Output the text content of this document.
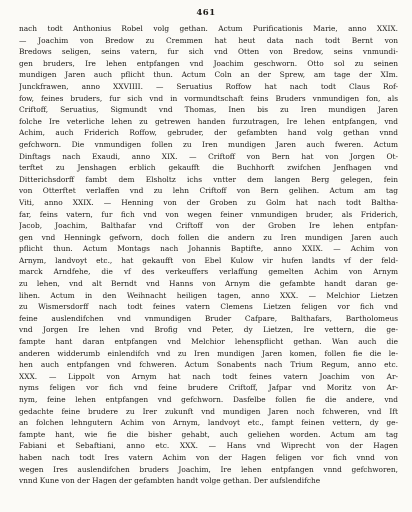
461
nach todt Anthonius Robel volg gethan. Actum Purificationis Marie, anno XXIX.
— Joachim von Bredow zu Cremmen hat heut data nach todt Bernt von
Bredows seligen, seins vatern, fur sich vnd Otten von Bredow, seins vnmundi-
gen bruders, Ire lehen entpfangen vnd Joachim geschworn. Otto sol zu seinen
mundigen Jaren auch pflicht thun. Actum Coln an der Sprew, am tage der XIm.
Junckfrawen, anno XXVIIII. — Seruatius Roffow hat nach todt Claus Rof-
fow, feines bruders, fur sich vnd in vormundtschaft feins Bruders vnmundigen fon, als
Criftoff, Seruatius, Sigmundt vnd Thomas, Inen bis zu Iren mundigen Jaren
folche Ire veterliche lehen zu getrewen handen furzutragen, Ire lehen entpfangen, vnd
Achim, auch Friderich Roffow, gebruder, der gefambten hand volg gethan vnnd
gefchworn. Die vnmundigen follen zu Iren mundigen Jaren auch fweren. Actum
Dinftags nach Exaudi, anno XIX. — Criftoff von Bern hat von Jorgen Ot-
terftet zu Jenshagen erblich gekaufft die Buchhorft zwifchen Jenfhagen vnd
Ditterichsdorff fambt dem Elsholtz ichs vntter dem langen Berg gelegen, fein
von Otterftet verlaffen vnd zu lehn Criftoff von Bern gelihen. Actum am tag
Viti, anno XXIX. — Henning von der Groben zu Golm hat nach todt Baltha-
far, feins vatern, fur fich vnd von wegen feiner vnmundigen bruder, als Friderich,
Jacob, Joachim, Balthafar vnd Criftoff von der Groben Ire lehen entpfan-
gen vnd Henningk gefworn, doch follen die andern zu Iren mundigen Jaren auch
pflicht thun. Actum Montags nach Johannis Baptifte, anno XXIX. — Achim von
Arnym, landvoyt etc., hat gekaufft von Ebel Kulow vir hufen landts vf der feld-
marck Arndfehe, die vf des verkeuffers verlaffung gemelten Achim von Arnym
zu lehen, vnd alt Berndt vnd Hanns von Arnym die gefambte handt daran ge-
lihen. Actum in den Weihnacht heiligen tagen, anno XXX. — Melchior Lietzen
zu Wismersdorff nach todt feines vatern Clemens Lietzen feligen vor fich vnd
feine auslendifchen vnd vnmundigen Bruder Cafpare, Balthafars, Bartholomeus
vnd Jorgen Ire lehen vnd Brofig vnd Peter, dy Lietzen, Ire vettern, die ge-
fampte hant daran entpfangen vnd Melchior lehenspflicht gethan. Wan auch die
anderen widderumb einlendifch vnd zu Iren mundigen Jaren komen, follen fie die le-
hen auch entpfangen vnd fchweren. Actum Sonabents nach Trium Regum, anno etc.
XXX. — Lippolt von Arnym hat nach todt feines vatern Joachim von Ar-
nyms feligen vor fich vnd feine brudere Criftoff, Jafpar vnd Moritz von Ar-
nym, feine lehen entpfangen vnd gefchworn. Dasfelbe follen fie die andere, vnd
gedachte feine brudere zu Irer zukunft vnd mundigen Jaren noch fchweren, vnd Ift
an folchen lehngutern Achim von Arnym, landvoyt etc., fampt feinen vettern, dy ge-
fampte hant, wie fie die bisher gehabt, auch geliehen worden. Actum am tag
Fabiani et Sebaftiani, anno etc. XXX. — Hans vnd Wiprecht von der Hagen
haben nach todt Ires vatern Achim von der Hagen feligen vor fich vnnd von
wegen Ires auslendifchen bruders Joachim, Ire lehen entpfangen vnnd gefchworen,
vnnd Kune von der Hagen der gefambten handt volge gethan. Der aufslendifche
